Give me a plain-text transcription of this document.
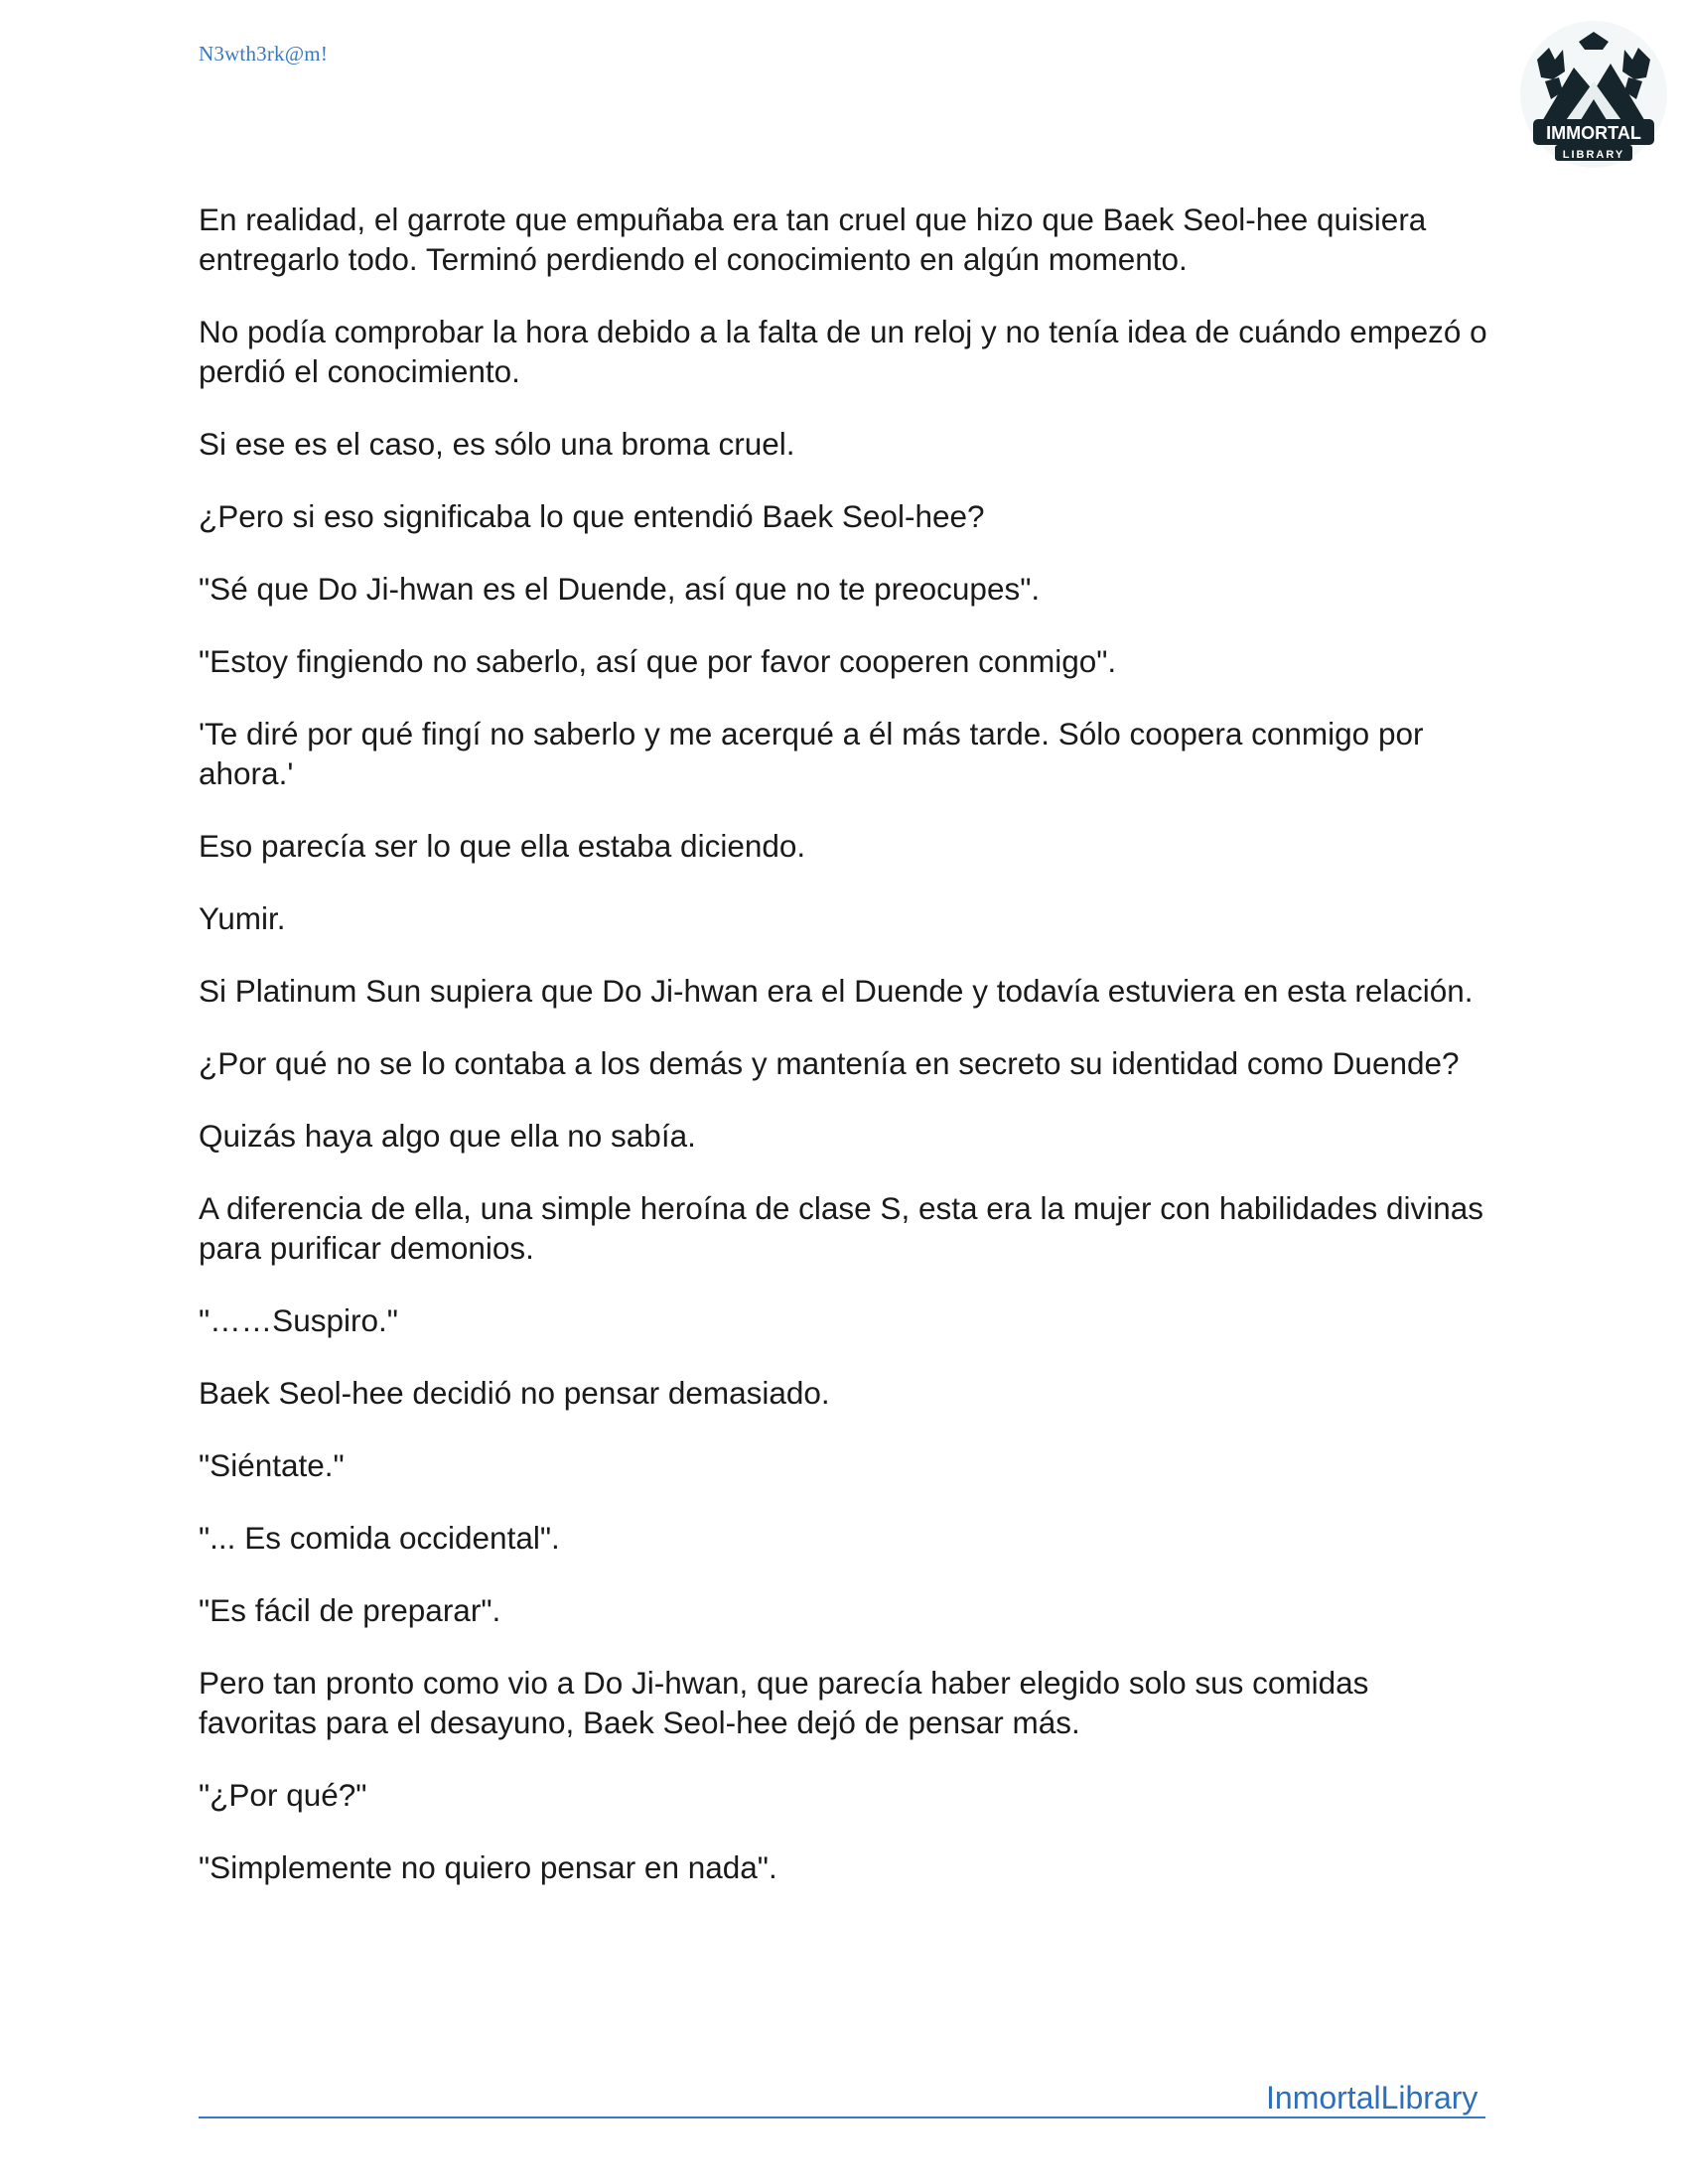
N3wth3rk@m!
IMMORTAL
LIBRARY

En realidad, el garrote que empuñaba era tan cruel que hizo que Baek Seol-hee quisiera entregarlo todo. Terminó perdiendo el conocimiento en algún momento.

No podía comprobar la hora debido a la falta de un reloj y no tenía idea de cuándo empezó o perdió el conocimiento.

Si ese es el caso, es sólo una broma cruel.

¿Pero si eso significaba lo que entendió Baek Seol-hee?

"Sé que Do Ji-hwan es el Duende, así que no te preocupes".

"Estoy fingiendo no saberlo, así que por favor cooperen conmigo".

'Te diré por qué fingí no saberlo y me acerqué a él más tarde. Sólo coopera conmigo por ahora.'

Eso parecía ser lo que ella estaba diciendo.

Yumir.

Si Platinum Sun supiera que Do Ji-hwan era el Duende y todavía estuviera en esta relación.

¿Por qué no se lo contaba a los demás y mantenía en secreto su identidad como Duende?

Quizás haya algo que ella no sabía.

A diferencia de ella, una simple heroína de clase S, esta era la mujer con habilidades divinas para purificar demonios.

"……Suspiro."

Baek Seol-hee decidió no pensar demasiado.

"Siéntate."

"... Es comida occidental".

"Es fácil de preparar".

Pero tan pronto como vio a Do Ji-hwan, que parecía haber elegido solo sus comidas favoritas para el desayuno, Baek Seol-hee dejó de pensar más.

"¿Por qué?"

"Simplemente no quiero pensar en nada".

InmortalLibrary
